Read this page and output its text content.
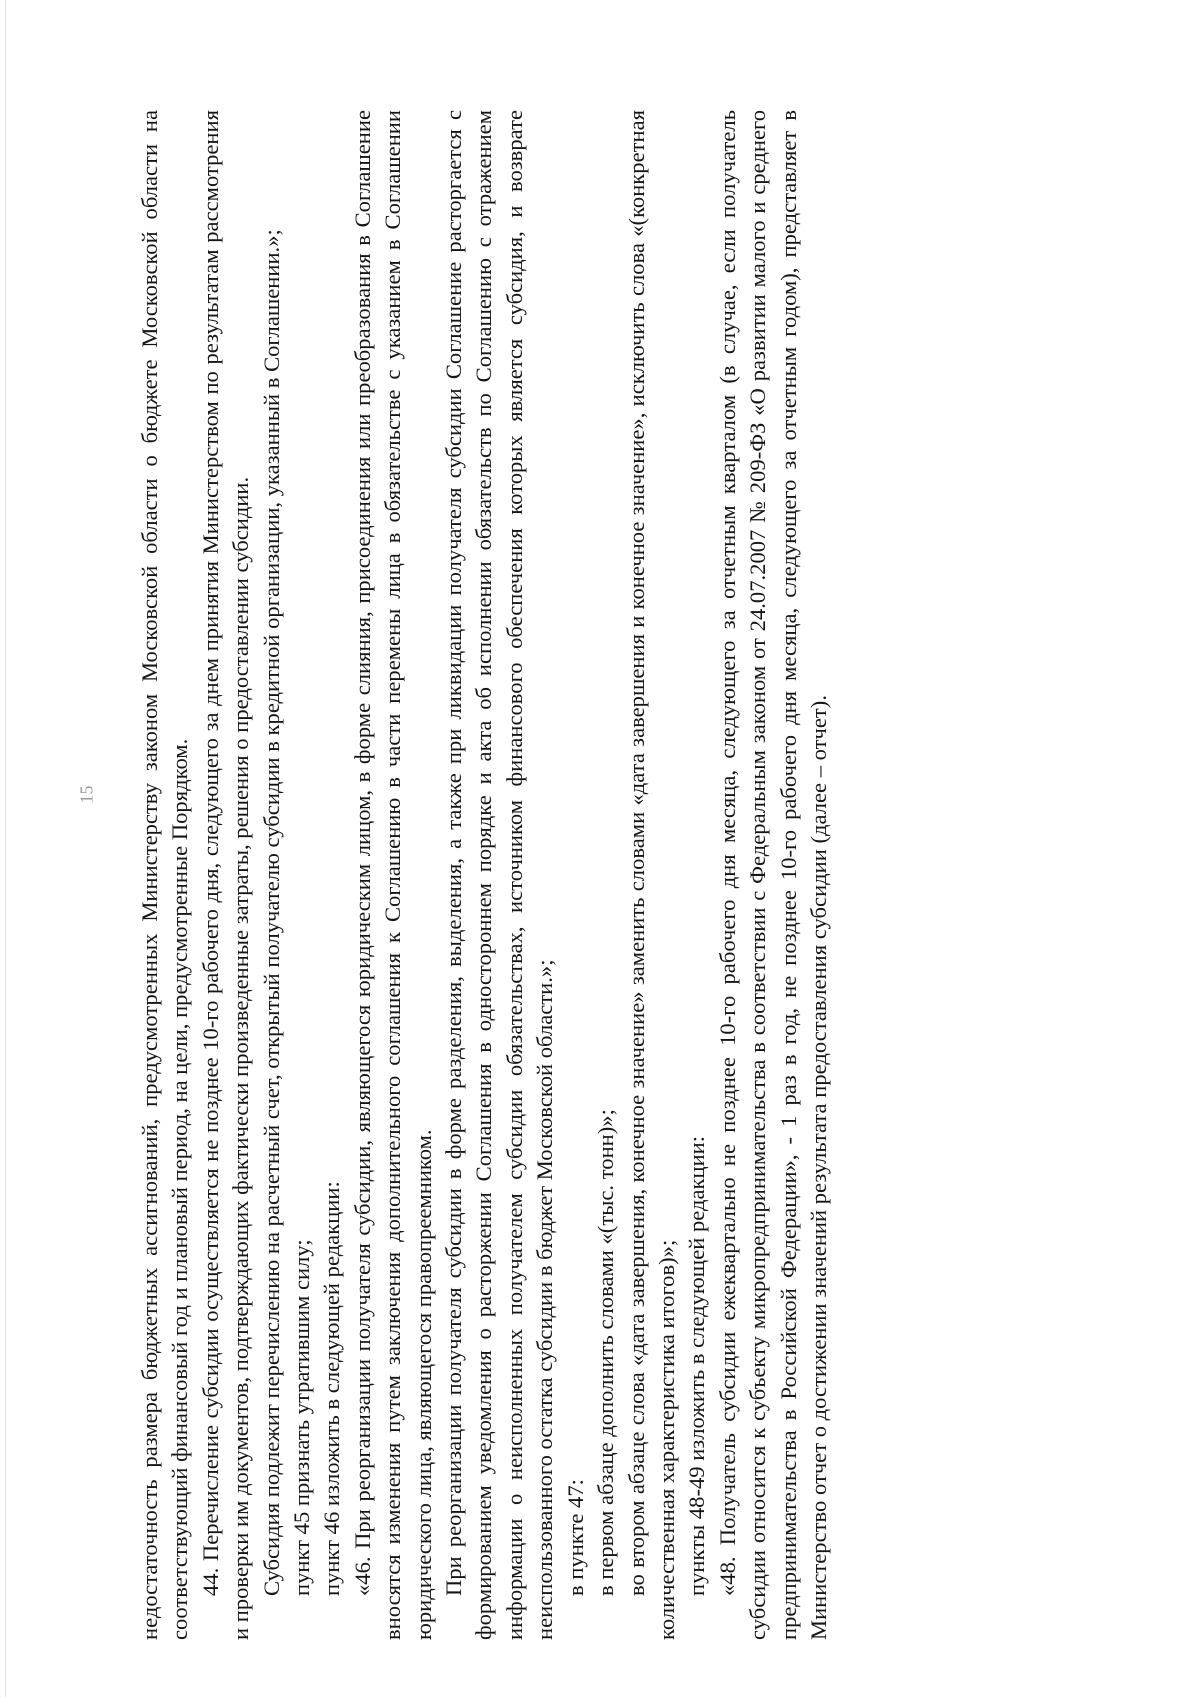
15 недостаточность размера бюджетных ассигнований, предусмотренных Министерству законом Московской области о бюджете Московской области на соответствующий финансовый год и плановый период, на цели, предусмотренные Порядком. 44. Перечисление субсидии осуществляется не позднее 10-го рабочего дня, следующего за днем принятия Министерством по результатам рассмотрения и проверки им документов, подтверждающих фактически произведенные затраты, решения о предоставлении субсидии. Субсидия подлежит перечислению на расчетный счет, открытый получателю субсидии в кредитной организации, указанный в Соглашении.»; пункт 45 признать утратившим силу; пункт 46 изложить в следующей редакции: «46. При реорганизации получателя субсидии, являющегося юридическим лицом, в форме слияния, присоединения или преобразования в Соглашение вносятся изменения путем заключения дополнительного соглашения к Соглашению в части перемены лица в обязательстве с указанием в Соглашении юридического лица, являющегося правопреемником. При реорганизации получателя субсидии в форме разделения, выделения, а также при ликвидации получателя субсидии Соглашение расторгается с формированием уведомления о расторжении Соглашения в одностороннем порядке и акта об исполнении обязательств по Соглашению с отражением информации о неисполненных получателем субсидии обязательствах, источником финансового обеспечения которых является субсидия, и возврате неиспользованного остатка субсидии в бюджет Московской области.»; в пункте 47: в первом абзаце дополнить словами «(тыс. тонн)»; во втором абзаце слова «дата завершения, конечное значение» заменить словами «дата завершения и конечное значение», исключить слова «(конкретная количественная характеристика итогов)»; пункты 48-49 изложить в следующей редакции: «48. Получатель субсидии ежеквартально не позднее 10-го рабочего дня месяца, следующего за отчетным кварталом (в случае, если получатель субсидии относится к субъекту микропредпринимательства в соответствии с Федеральным законом от 24.07.2007 № 209-ФЗ «О развитии малого и среднего предпринимательства в Российской Федерации», - 1 раз в год, не позднее 10-го рабочего дня месяца, следующего за отчетным годом), представляет в Министерство отчет о достижении значений результата предоставления субсидии (далее – отчет).
